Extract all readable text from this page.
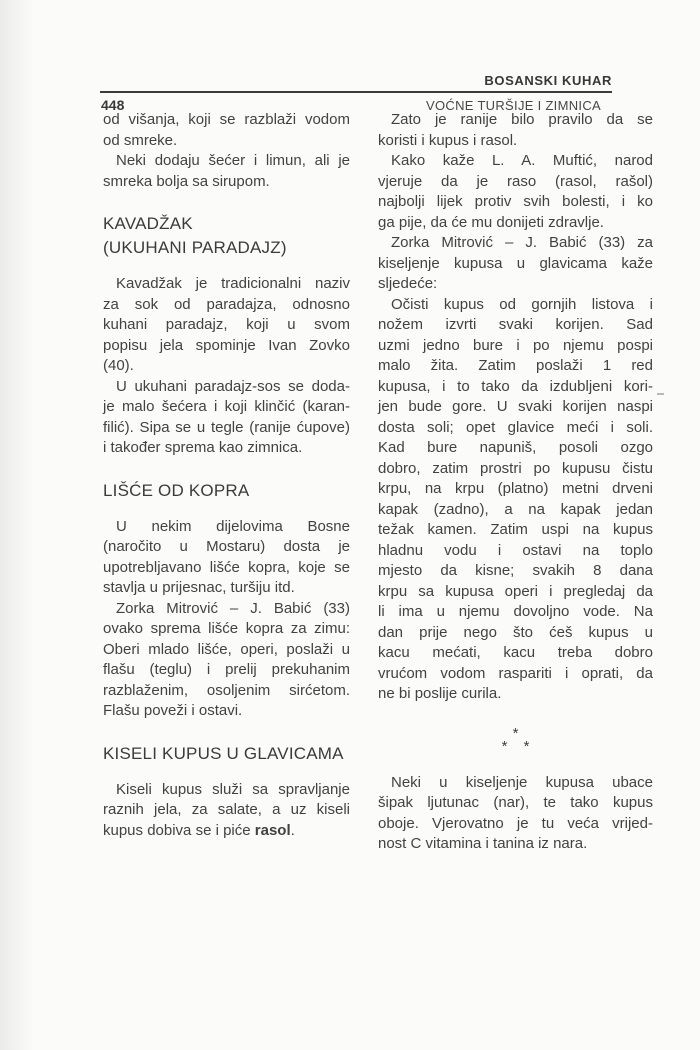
BOSANSKI KUHAR
448	VOĆNE TURŠIJE I ZIMNICA
od višanja, koji se razblaži vodom
od smreke.
Neki dodaju šećer i limun, ali je
smreka bolja sa sirupom.
KAVADŽAK
(UKUHANI PARADAJZ)
Kavadžak je tradicionalni naziv
za sok od paradajza, odnosno
kuhani paradajz, koji u svom
popisu jela spominje Ivan Zovko
(40).
U ukuhani paradajz-sos se doda-
je malo šećera i koji klinčić (karan-
filić). Sipa se u tegle (ranije ćupove)
i također sprema kao zimnica.
LIŠĆE OD KOPRA
U nekim dijelovima Bosne
(naročito u Mostaru) dosta je
upotrebljavano lišće kopra, koje se
stavlja u prijesnac, turšiju itd.
Zorka Mitrović – J. Babić (33)
ovako sprema lišće kopra za zimu:
Oberi mlado lišće, operi, poslaži u
flašu (teglu) i prelij prekuhanim
razblaženim, osoljenim sirćetom.
Flašu poveži i ostavi.
KISELI KUPUS U GLAVICAMA
Kiseli kupus služi sa spravljanje
raznih jela, za salate, a uz kiseli
kupus dobiva se i piće rasol.
Zato je ranije bilo pravilo da se
koristi i kupus i rasol.
Kako kaže L. A. Muftić, narod
vjeruje da je raso (rasol, rašol)
najbolji lijek protiv svih bolesti, i ko
ga pije, da će mu donijeti zdravlje.
Zorka Mitrović – J. Babić (33) za
kiseljenje kupusa u glavicama kaže
sljedeće:
Očisti kupus od gornjih listova i
nožem izvrti svaki korijen. Sad
uzmi jedno bure i po njemu pospi
malo žita. Zatim poslaži 1 red
kupusa, i to tako da izdubljeni kori-
jen bude gore. U svaki korijen naspi
dosta soli; opet glavice meći i soli.
Kad bure napuniš, posoli ozgo
dobro, zatim prostri po kupusu čistu
krpu, na krpu (platno) metni drveni
kapak (zadno), a na kapak jedan
težak kamen. Zatim uspi na kupus
hladnu vodu i ostavi na toplo
mjesto da kisne; svakih 8 dana
krpu sa kupusa operi i pregledaj da
li ima u njemu dovoljno vode. Na
dan prije nego što ćeš kupus u
kacu mećati, kacu treba dobro
vrućom vodom raspariti i oprati, da
ne bi poslije curila.
*
* *
Neki u kiseljenje kupusa ubace
šipak ljutunac (nar), te tako kupus
oboje. Vjerovatno je tu veća vrijed-
nost C vitamina i tanina iz nara.
